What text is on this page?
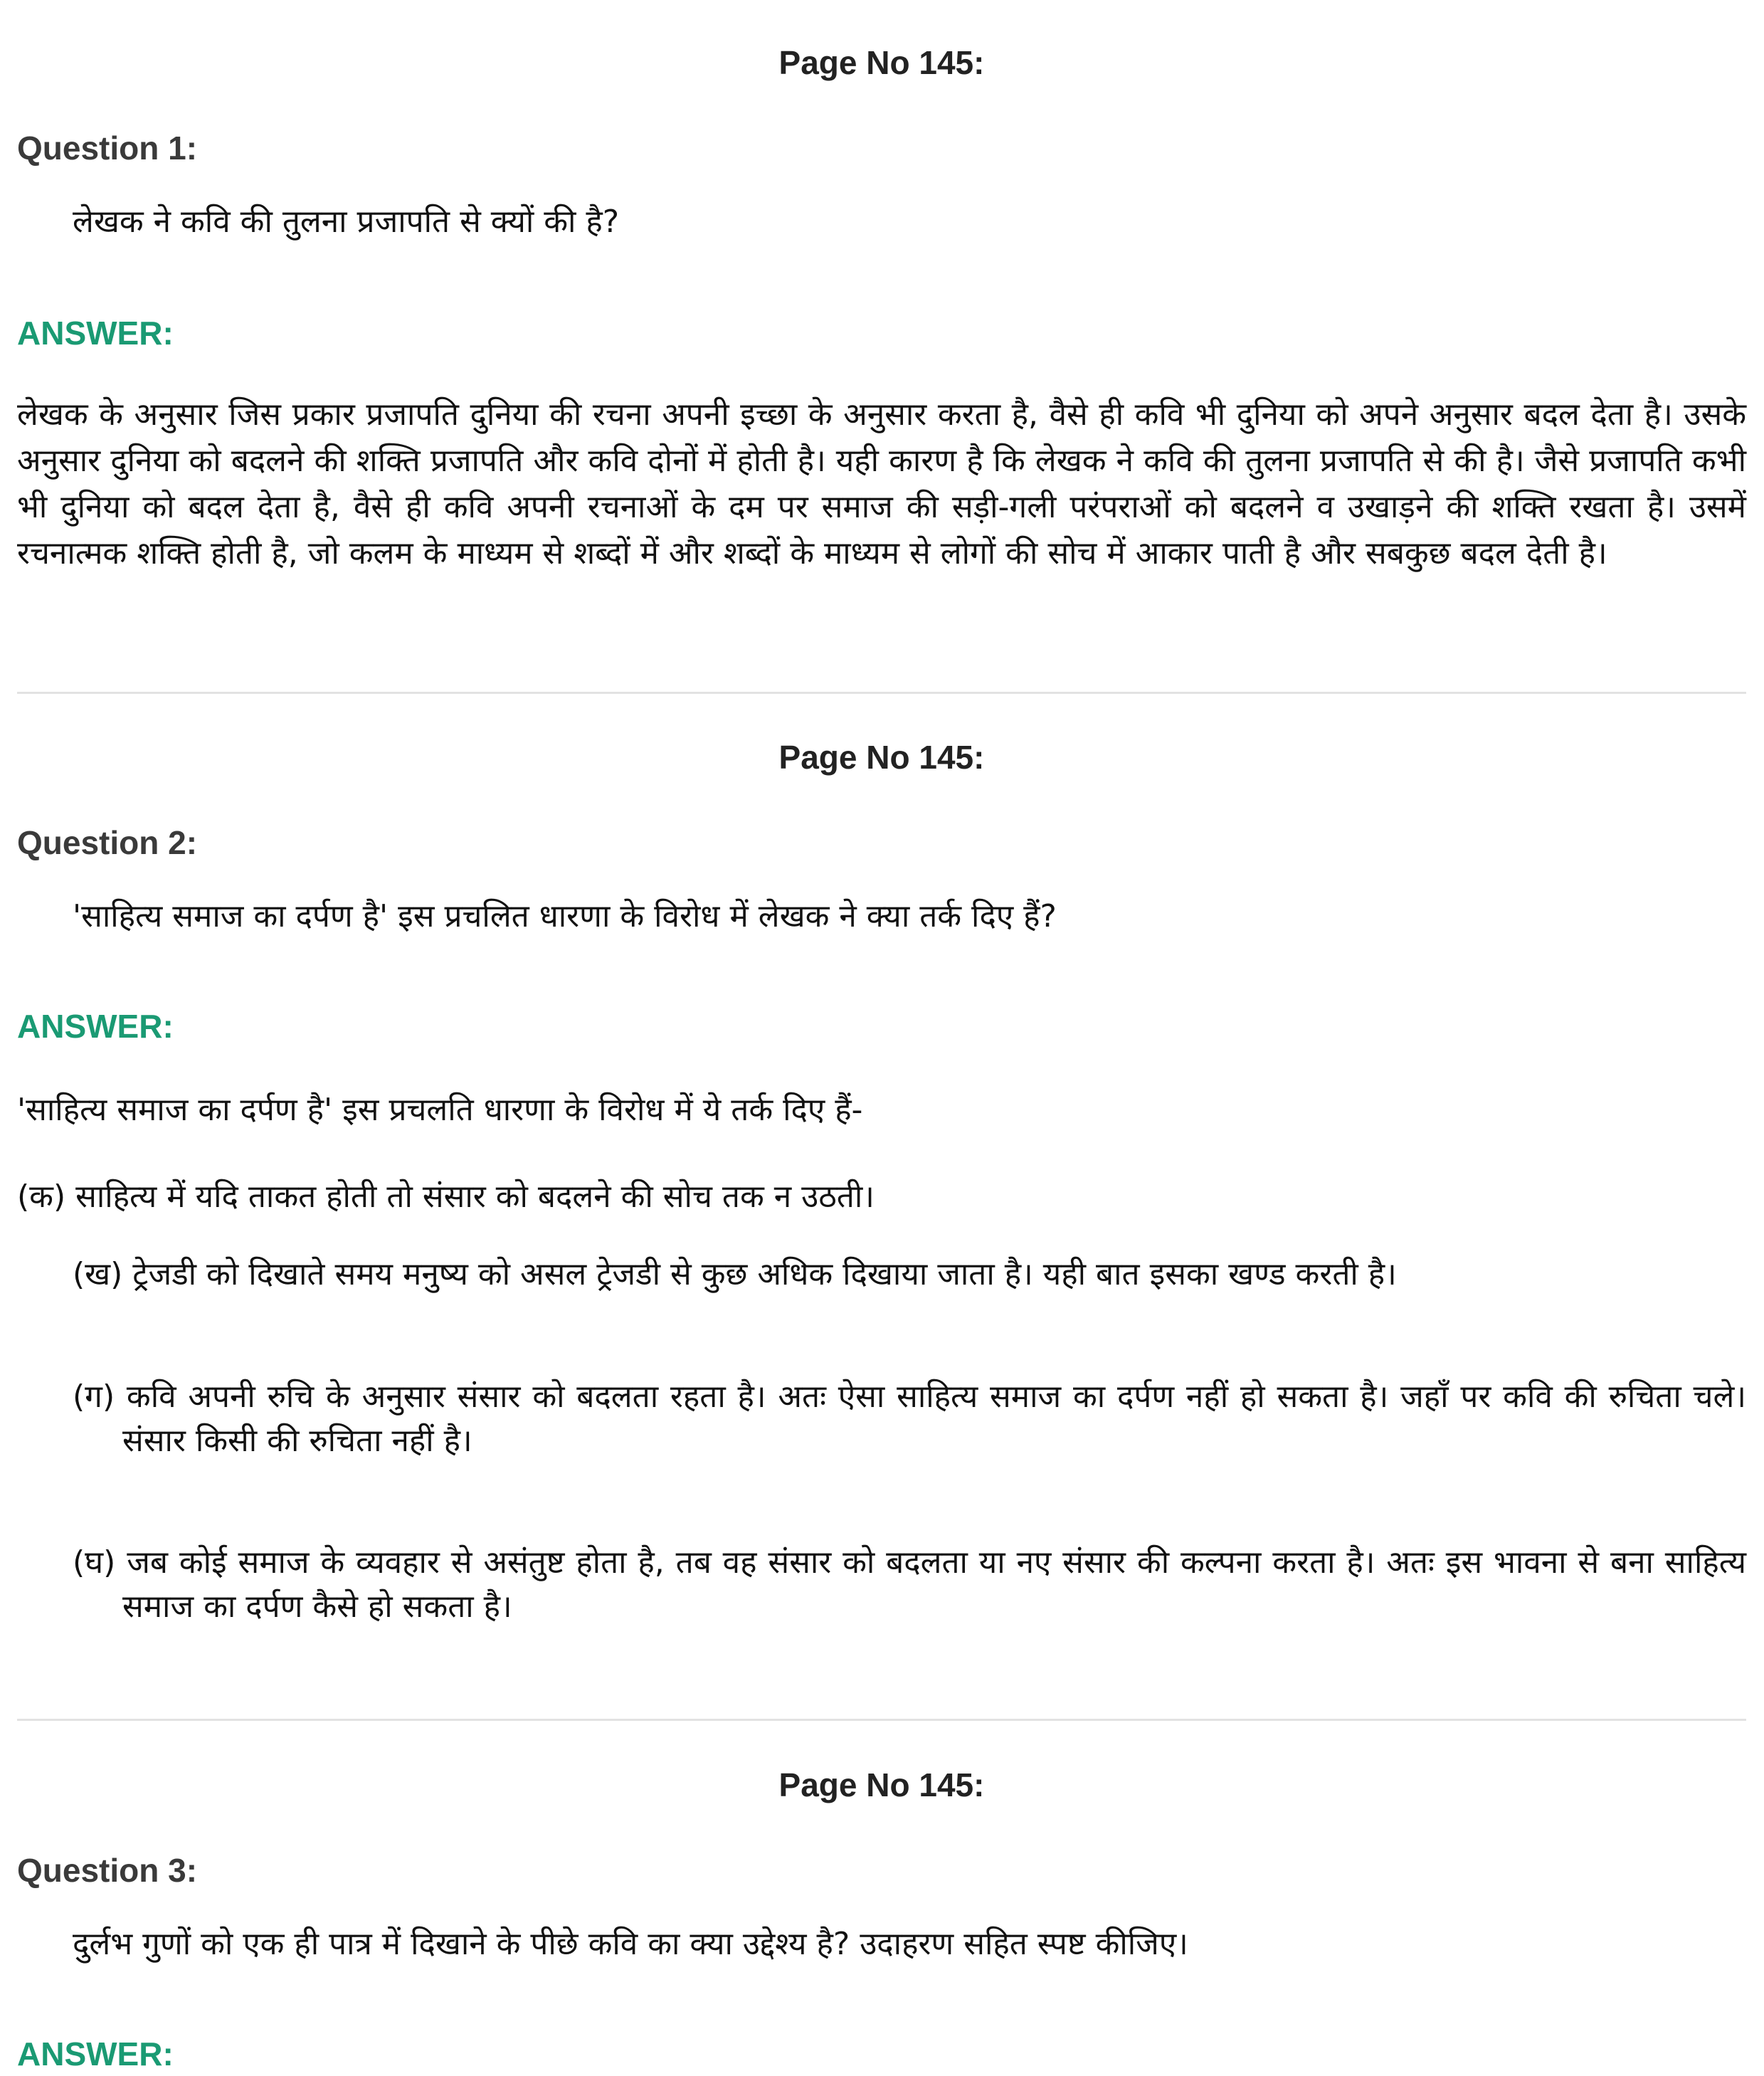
Page No 145:
Question 1:
लेखक ने कवि की तुलना प्रजापति से क्यों की है?
ANSWER:
लेखक के अनुसार जिस प्रकार प्रजापति दुनिया की रचना अपनी इच्छा के अनुसार करता है, वैसे ही कवि भी दुनिया को अपने अनुसार बदल देता है। उसके अनुसार दुनिया को बदलने की शक्ति प्रजापति और कवि दोनों में होती है। यही कारण है कि लेखक ने कवि की तुलना प्रजापति से की है। जैसे प्रजापति कभी भी दुनिया को बदल देता है, वैसे ही कवि अपनी रचनाओं के दम पर समाज की सड़ी-गली परंपराओं को बदलने व उखाड़ने की शक्ति रखता है। उसमें रचनात्मक शक्ति होती है, जो कलम के माध्यम से शब्दों में और शब्दों के माध्यम से लोगों की सोच में आकार पाती है और सबकुछ बदल देती है।
Page No 145:
Question 2:
'साहित्य समाज का दर्पण है' इस प्रचलित धारणा के विरोध में लेखक ने क्या तर्क दिए हैं?
ANSWER:
'साहित्य समाज का दर्पण है' इस प्रचलति धारणा के विरोध में ये तर्क दिए हैं-
(क) साहित्य में यदि ताकत होती तो संसार को बदलने की सोच तक न उठती।
(ख) ट्रेजडी को दिखाते समय मनुष्य को असल ट्रेजडी से कुछ अधिक दिखाया जाता है। यही बात इसका खण्ड करती है।
(ग) कवि अपनी रुचि के अनुसार संसार को बदलता रहता है। अतः ऐसा साहित्य समाज का दर्पण नहीं हो सकता है। जहाँ पर कवि की रुचिता चले। संसार किसी की रुचिता नहीं है।
(घ) जब कोई समाज के व्यवहार से असंतुष्ट होता है, तब वह संसार को बदलता या नए संसार की कल्पना करता है। अतः इस भावना से बना साहित्य समाज का दर्पण कैसे हो सकता है।
Page No 145:
Question 3:
दुर्लभ गुणों को एक ही पात्र में दिखाने के पीछे कवि का क्या उद्देश्य है? उदाहरण सहित स्पष्ट कीजिए।
ANSWER:
